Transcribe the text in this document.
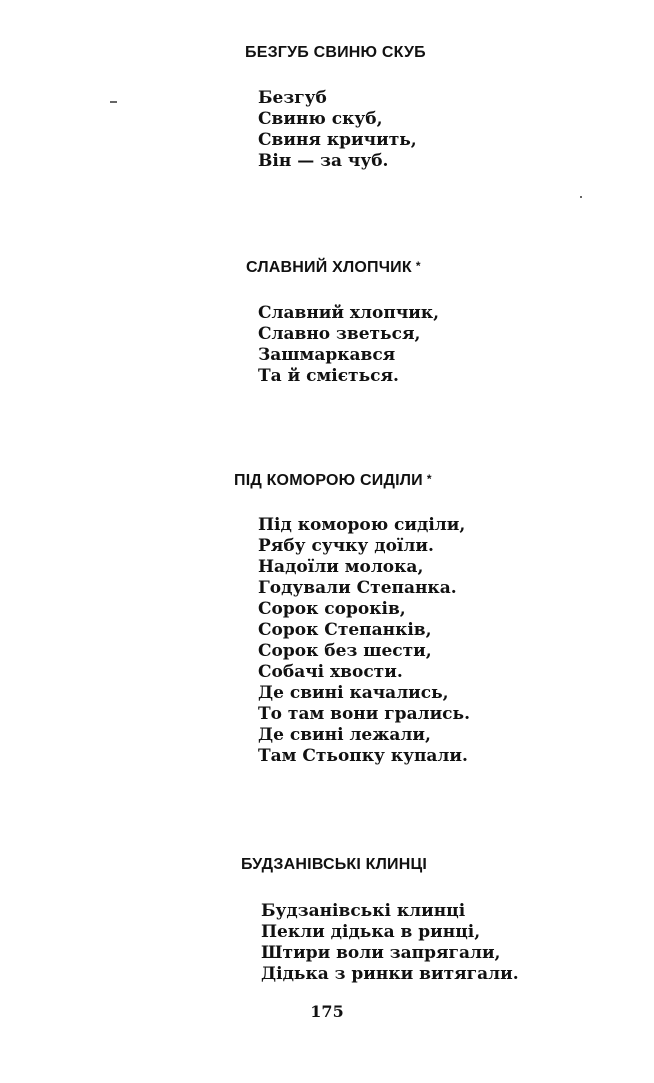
БЕЗГУБ СВИНЮ СКУБ
Безгуб
Свиню скуб,
Свиня кричить,
Він — за чуб.
СЛАВНИЙ ХЛОПЧИК *
Славний хлопчик,
Славно зветься,
Зашмаркався
Та й сміється.
ПІД КОМОРОЮ СИДІЛИ *
Під коморою сиділи,
Рябу сучку доїли.
Надоїли молока,
Годували Степанка.
Сорок сороків,
Сорок Степанків,
Сорок без шести,
Собачі хвости.
Де свині качались,
То там вони грались.
Де свині лежали,
Там Стьопку купали.
БУДЗАНІВСЬКІ КЛИНЦІ
Будзанівські клинці
Пекли дідька в ринці,
Штири воли запрягали,
Дідька з ринки витягали.
175
